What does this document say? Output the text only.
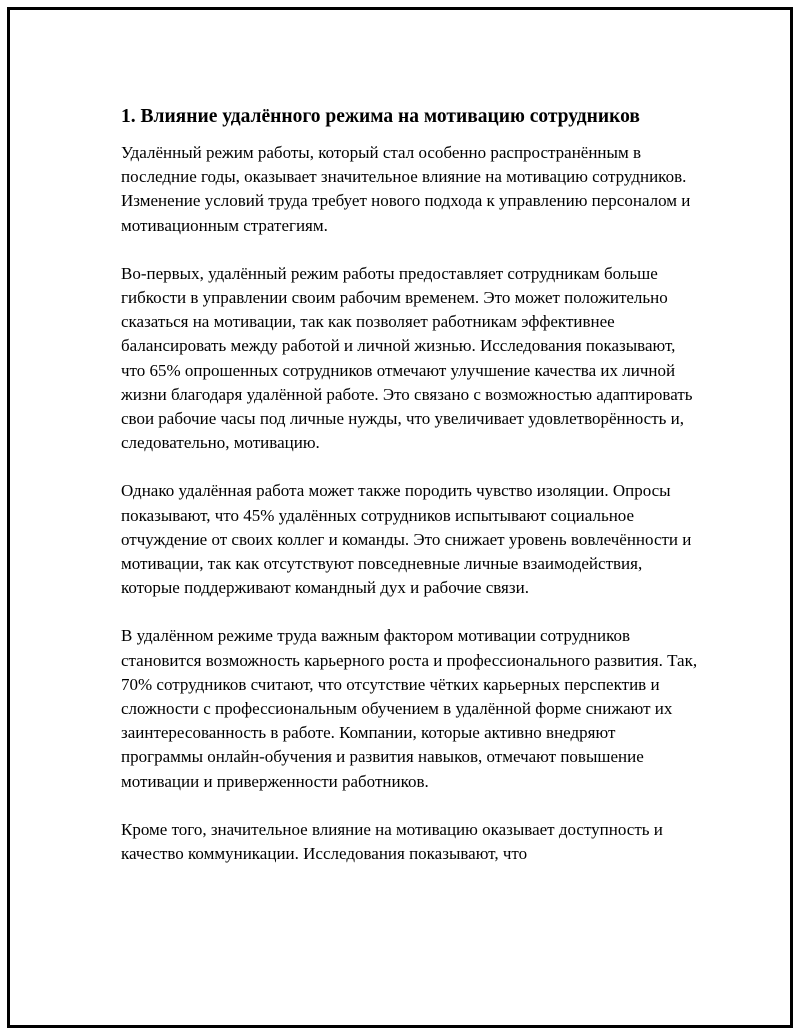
1. Влияние удалённого режима на мотивацию сотрудников

Удалённый режим работы, который стал особенно распространённым в последние годы, оказывает значительное влияние на мотивацию сотрудников. Изменение условий труда требует нового подхода к управлению персоналом и мотивационным стратегиям.

Во-первых, удалённый режим работы предоставляет сотрудникам больше гибкости в управлении своим рабочим временем. Это может положительно сказаться на мотивации, так как позволяет работникам эффективнее балансировать между работой и личной жизнью. Исследования показывают, что 65% опрошенных сотрудников отмечают улучшение качества их личной жизни благодаря удалённой работе. Это связано с возможностью адаптировать свои рабочие часы под личные нужды, что увеличивает удовлетворённость и, следовательно, мотивацию.

Однако удалённая работа может также породить чувство изоляции. Опросы показывают, что 45% удалённых сотрудников испытывают социальное отчуждение от своих коллег и команды. Это снижает уровень вовлечённости и мотивации, так как отсутствуют повседневные личные взаимодействия, которые поддерживают командный дух и рабочие связи.

В удалённом режиме труда важным фактором мотивации сотрудников становится возможность карьерного роста и профессионального развития. Так, 70% сотрудников считают, что отсутствие чётких карьерных перспектив и сложности с профессиональным обучением в удалённой форме снижают их заинтересованность в работе. Компании, которые активно внедряют программы онлайн-обучения и развития навыков, отмечают повышение мотивации и приверженности работников.

Кроме того, значительное влияние на мотивацию оказывает доступность и качество коммуникации. Исследования показывают, что
